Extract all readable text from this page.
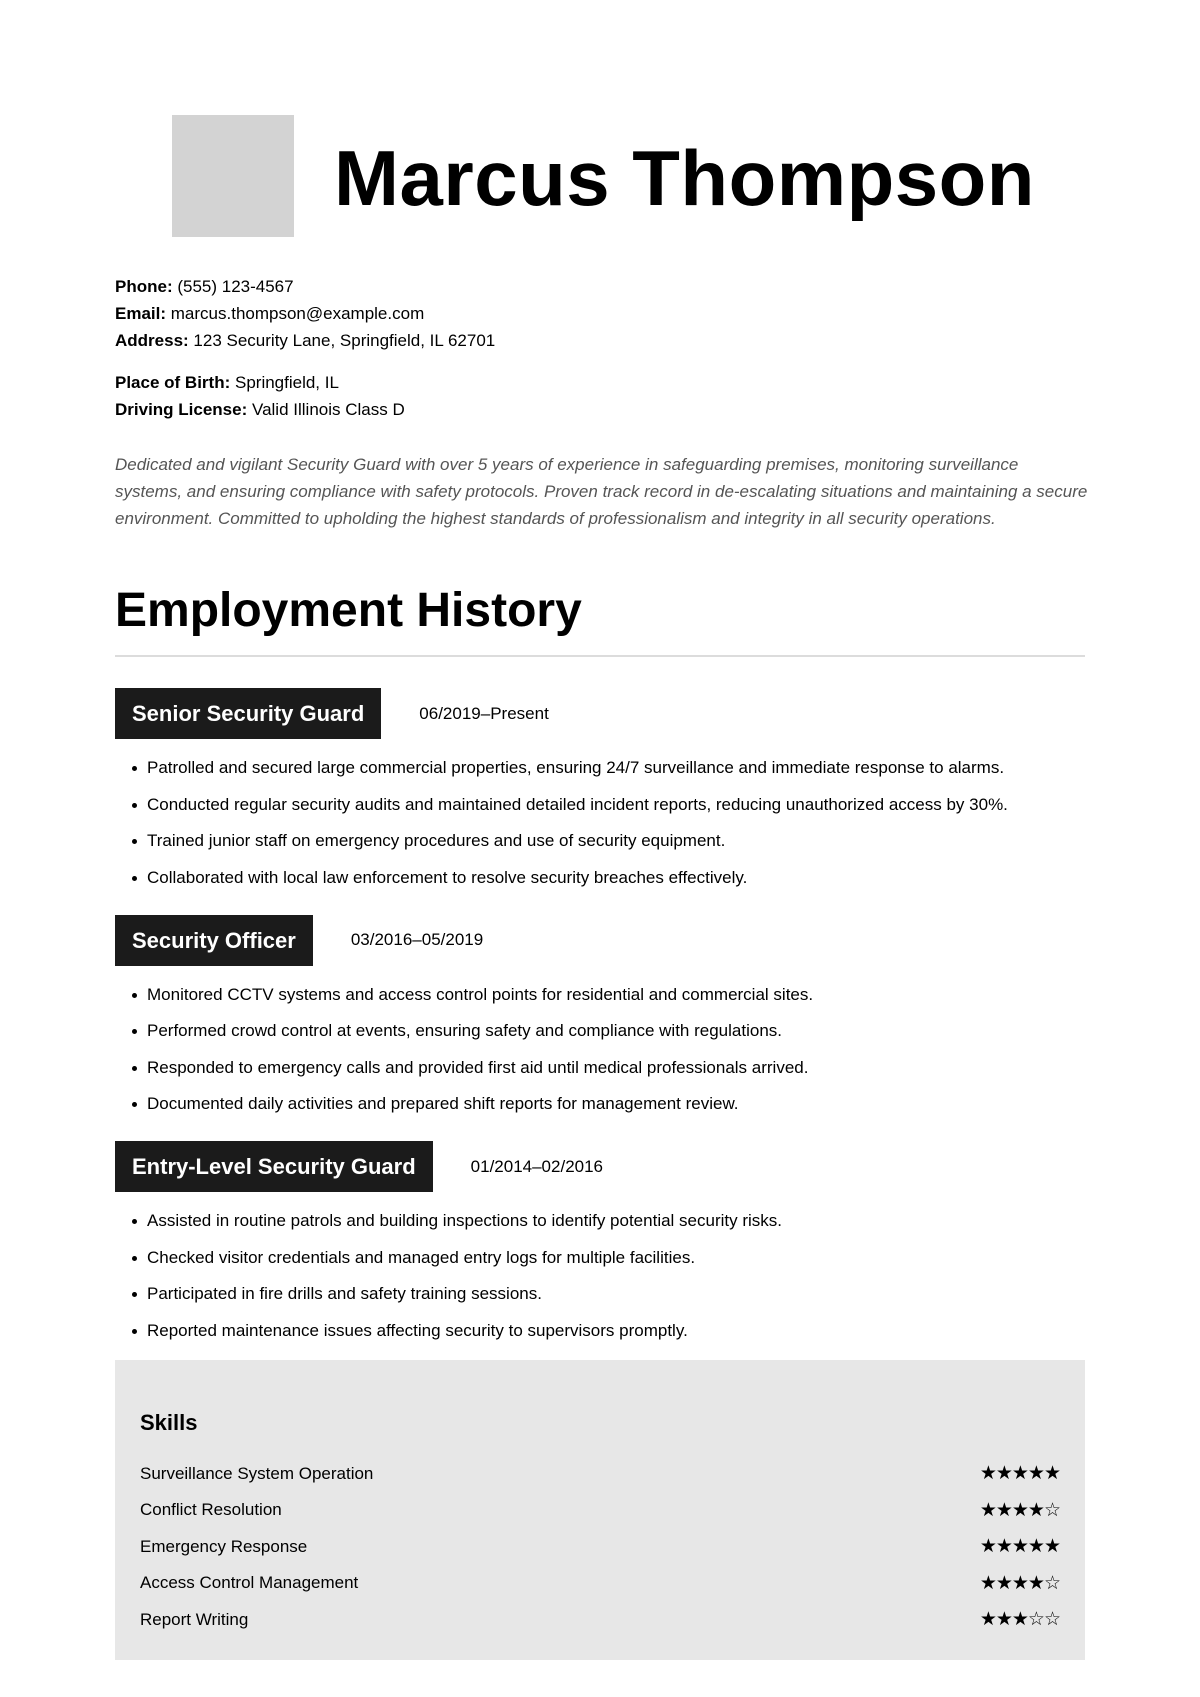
Marcus Thompson
Phone: (555) 123-4567
Email: marcus.thompson@example.com
Address: 123 Security Lane, Springfield, IL 62701
Place of Birth: Springfield, IL
Driving License: Valid Illinois Class D

Dedicated and vigilant Security Guard with over 5 years of experience in safeguarding premises, monitoring surveillance systems, and ensuring compliance with safety protocols. Proven track record in de-escalating situations and maintaining a secure environment. Committed to upholding the highest standards of professionalism and integrity in all security operations.

Employment History
Senior Security Guard	06/2019–Present
Patrolled and secured large commercial properties, ensuring 24/7 surveillance and immediate response to alarms.
Conducted regular security audits and maintained detailed incident reports, reducing unauthorized access by 30%.
Trained junior staff on emergency procedures and use of security equipment.
Collaborated with local law enforcement to resolve security breaches effectively.
Security Officer	03/2016–05/2019
Monitored CCTV systems and access control points for residential and commercial sites.
Performed crowd control at events, ensuring safety and compliance with regulations.
Responded to emergency calls and provided first aid until medical professionals arrived.
Documented daily activities and prepared shift reports for management review.
Entry-Level Security Guard	01/2014–02/2016
Assisted in routine patrols and building inspections to identify potential security risks.
Checked visitor credentials and managed entry logs for multiple facilities.
Participated in fire drills and safety training sessions.
Reported maintenance issues affecting security to supervisors promptly.
Skills
Surveillance System Operation	★★★★★
Conflict Resolution	★★★★☆
Emergency Response	★★★★★
Access Control Management	★★★★☆
Report Writing	★★★☆☆
